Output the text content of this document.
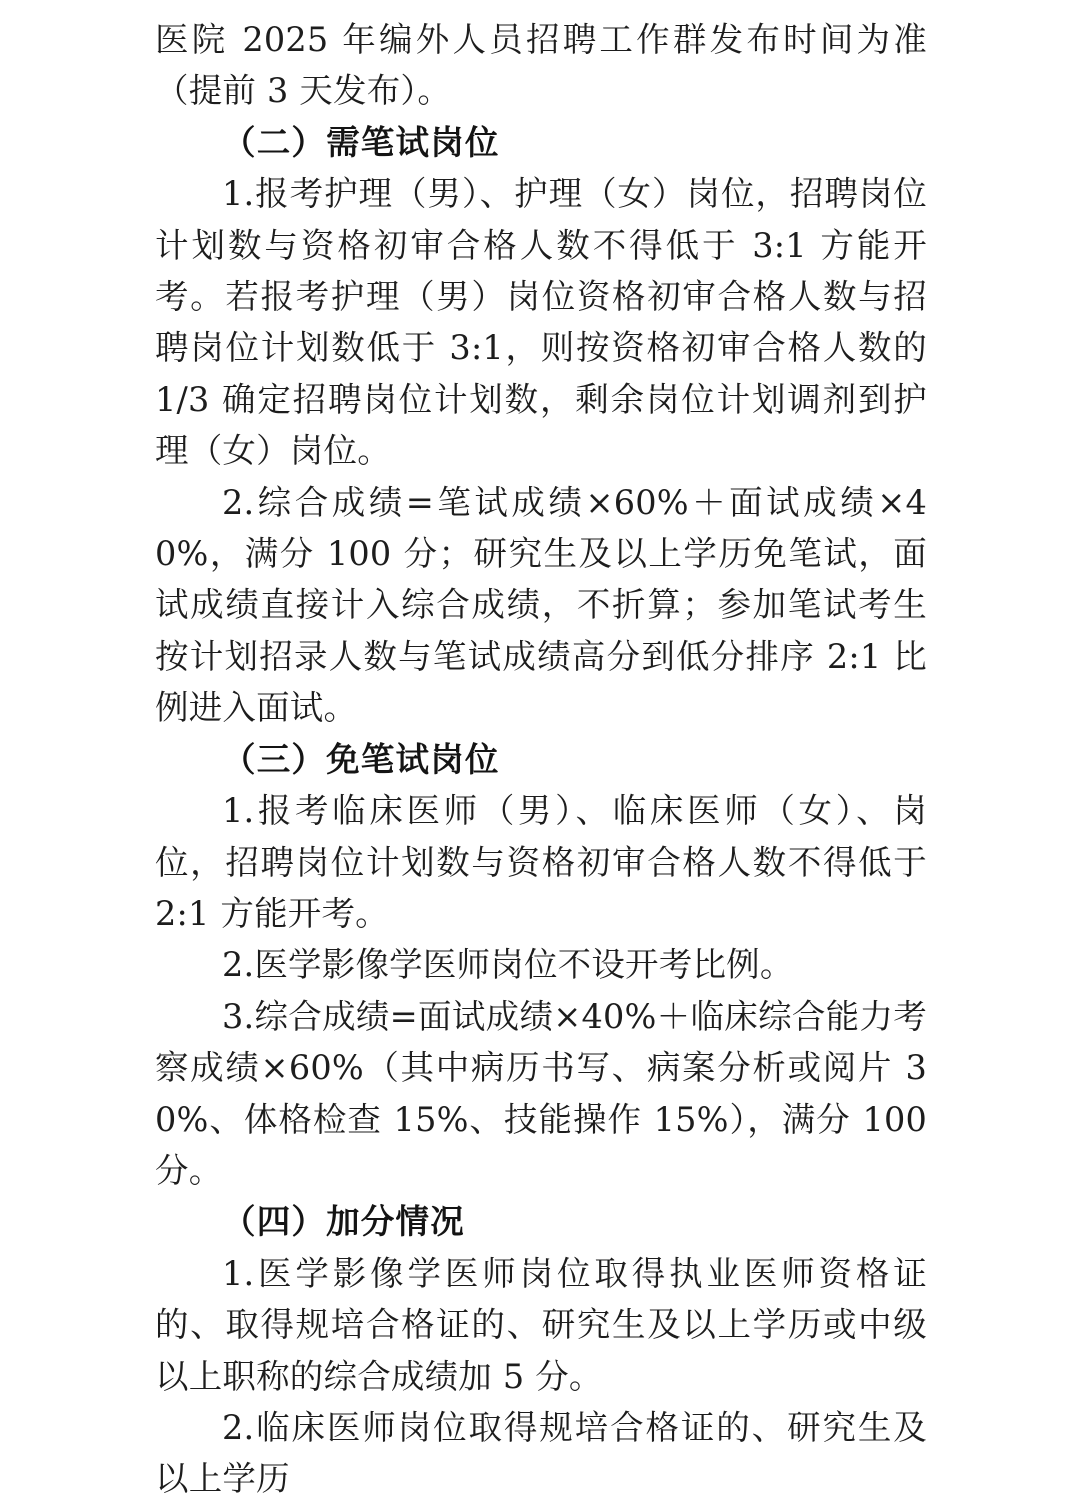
医院 2025 年编外人员招聘工作群发布时间为准（提前 3 天发布）。

（二）需笔试岗位

1.报考护理（男）、护理（女）岗位，招聘岗位计划数与资格初审合格人数不得低于 3:1 方能开考。若报考护理（男）岗位资格初审合格人数与招聘岗位计划数低于 3:1，则按资格初审合格人数的 1/3 确定招聘岗位计划数，剩余岗位计划调剂到护理（女）岗位。

2.综合成绩=笔试成绩×60%＋面试成绩×40%，满分 100 分；研究生及以上学历免笔试，面试成绩直接计入综合成绩，不折算；参加笔试考生按计划招录人数与笔试成绩高分到低分排序 2:1 比例进入面试。

（三）免笔试岗位

1.报考临床医师（男）、临床医师（女）、岗位，招聘岗位计划数与资格初审合格人数不得低于 2:1 方能开考。

2.医学影像学医师岗位不设开考比例。

3.综合成绩=面试成绩×40%＋临床综合能力考察成绩×60%（其中病历书写、病案分析或阅片 30%、体格检查 15%、技能操作 15%），满分 100 分。

（四）加分情况

1.医学影像学医师岗位取得执业医师资格证的、取得规培合格证的、研究生及以上学历或中级以上职称的综合成绩加 5 分。

2.临床医师岗位取得规培合格证的、研究生及以上学历
